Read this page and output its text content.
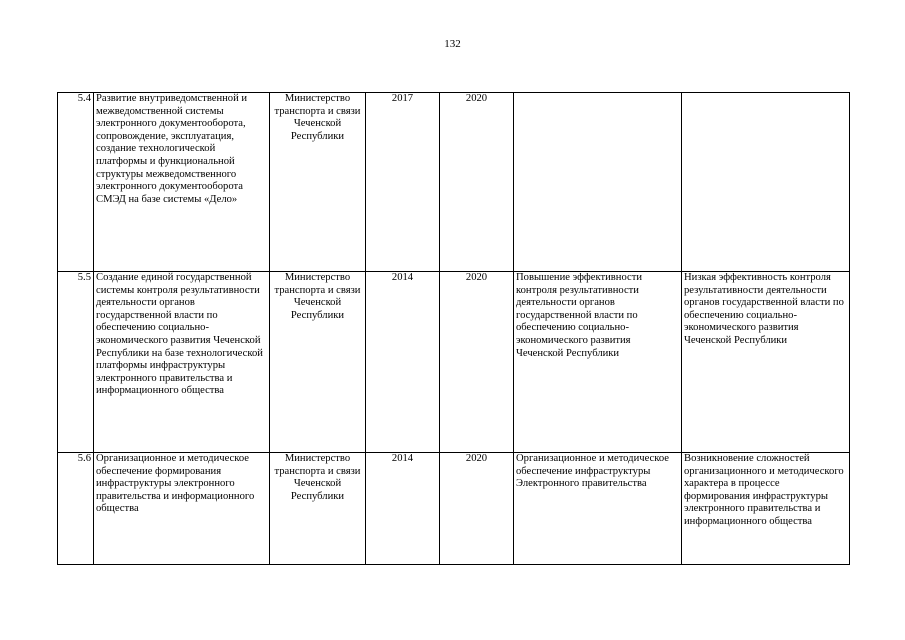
132
5.4	Развитие внутриведомственной и межведомственной системы электронного документооборота, сопровождение, эксплуатация, создание технологической платформы и функциональной структуры межведомственного электронного документооборота СМЭД на базе системы «Дело»	Министерство транспорта и связи Чеченской Республики	2017	2020		
5.5	Создание единой государственной системы контроля результативности деятельности органов государственной власти по обеспечению социально-экономического развития Чеченской Республики на базе технологической платформы инфраструктуры электронного правительства и информационного общества	Министерство транспорта и связи Чеченской Республики	2014	2020	Повышение эффективности контроля результативности деятельности органов государственной власти по обеспечению социально-экономического развития Чеченской Республики	Низкая эффективность контроля результативности деятельности органов государственной власти по обеспечению социально-экономического развития Чеченской Республики
5.6	Организационное и методическое обеспечение формирования инфраструктуры электронного правительства и информационного общества	Министерство транспорта и связи Чеченской Республики	2014	2020	Организационное и методическое обеспечение инфраструктуры Электронного правительства	Возникновение сложностей организационного и методического характера в процессе формирования инфраструктуры электронного правительства и информационного общества
